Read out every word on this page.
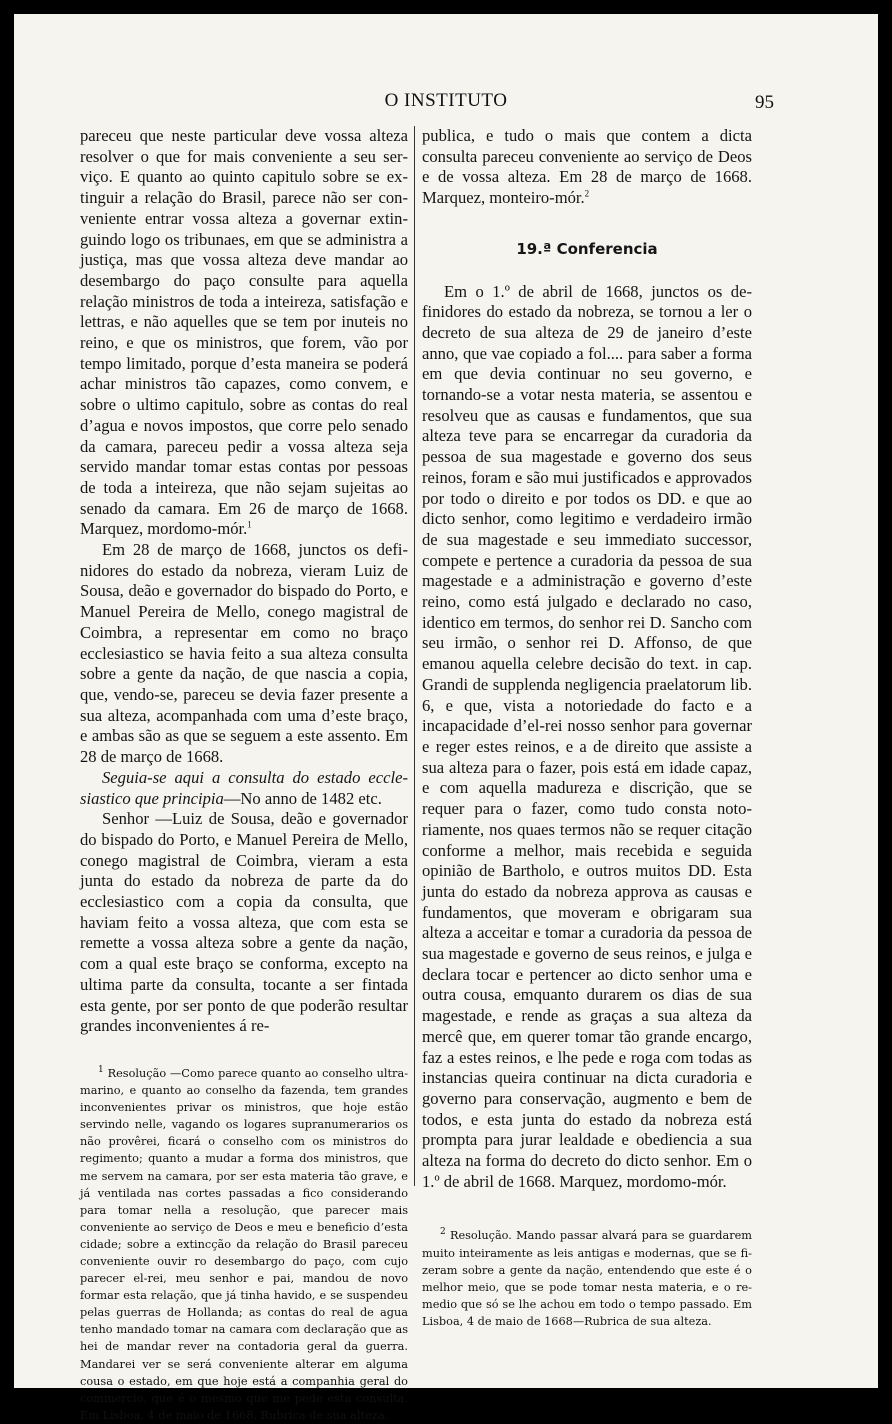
O INSTITUTO	95

pareceu que neste particular deve vossa alteza resolver o que for mais conveniente a seu serviço. E quanto ao quinto capitulo sobre se extinguir a relação do Brasil, parece não ser conveniente entrar vossa alteza a governar extinguindo logo os tribunaes, em que se administra a justiça, mas que vossa alteza deve mandar ao desembargo do paço consulte para aquella relação ministros de toda a inteireza, satisfação e lettras, e não aquelles que se tem por inuteis no reino, e que os ministros, que forem, vão por tempo limitado, porque d’esta maneira se poderá achar ministros tão capazes, como convem, e sobre o ultimo capitulo, sobre as contas do real d’agua e novos impostos, que corre pelo senado da camara, pareceu pedir a vossa alteza seja servido mandar tomar estas contas por pessoas de toda a inteireza, que não sejam sujeitas ao senado da camara. Em 26 de março de 1668. Marquez, mordomo-mór.$^1$

Em 28 de março de 1668, junctos os definidores do estado da nobreza, vieram Luiz de Sousa, deão e governador do bispado do Porto, e Manuel Pereira de Mello, conego magistral de Coimbra, a representar em como no braço ecclesiastico se havia feito a sua alteza consulta sobre a gente da nação, de que nascia a copia, que, vendo-se, pareceu se devia fazer presente a sua alteza, acompanhada com uma d’este braço, e ambas são as que se seguem a este assento. Em 28 de março de 1668.

Seguia-se aqui a consulta do estado ecclesiastico que principia—No anno de 1482 etc.

Senhor —Luiz de Sousa, deão e governador do bispado do Porto, e Manuel Pereira de Mello, conego magistral de Coimbra, vieram a esta junta do estado da nobreza de parte da do ecclesiastico com a copia da consulta, que haviam feito a vossa alteza, que com esta se remette a vossa alteza sobre a gente da nação, com a qual este braço se conforma, excepto na ultima parte da consulta, tocante a ser fintada esta gente, por ser ponto de que poderão resultar grandes inconvenientes á re-

$^1$ Resolução —Como parece quanto ao conselho ultramarino, e quanto ao conselho da fazenda, tem grandes inconvenientes privar os ministros, que hoje estão servindo nelle, vagando os logares supranumerarios os não provêrei, ficará o conselho com os ministros do regimento; quanto a mudar a forma dos ministros, que me servem na camara, por ser esta materia tão grave, e já ventilada nas cortes passadas a fico considerando para tomar nella a resolução, que parecer mais conveniente ao serviço de Deos e meu e beneficio d’esta cidade; sobre a extincção da relação do Brasil pareceu conveniente ouvir ro desembargo do paço, com cujo parecer el-rei, meu senhor e pai, mandou de novo formar esta relação, que já tinha havido, e se suspendeu pelas guerras de Hollanda; as contas do real de agua tenho mandado tomar na camara com declaração que as hei de mandar rever na contadoria geral da guerra. Mandarei ver se será conveniente alterar em alguma cousa o estado, em que hoje está a companhia geral do commercio, que é o mesmo que me pede esta consulta. Em Lisboa, 4 de maio de 1668. Rubrica de sua alteza.

publica, e tudo o mais que contem a dicta consulta pareceu conveniente ao serviço de Deos e de vossa alteza. Em 28 de março de 1668. Marquez, monteiro-mór.$^2$

19.ª Conferencia

Em o 1.º de abril de 1668, junctos os definidores do estado da nobreza, se tornou a ler o decreto de sua alteza de 29 de janeiro d’este anno, que vae copiado a fol.... para saber a forma em que devia continuar no seu governo, e tornando-se a votar nesta materia, se assentou e resolveu que as causas e fundamentos, que sua alteza teve para se encarregar da curadoria da pessoa de sua magestade e governo dos seus reinos, foram e são mui justificados e approvados por todo o direito e por todos os DD. e que ao dicto senhor, como legitimo e verdadeiro irmão de sua magestade e seu immediato successor, compete e pertence a curadoria da pessoa de sua magestade e a administração e governo d’este reino, como está julgado e declarado no caso, identico em termos, do senhor rei D. Sancho com seu irmão, o senhor rei D. Affonso, de que emanou aquella celebre decisão do text. in cap. Grandi de supplenda negligencia praelatorum lib. 6, e que, vista a notoriedade do facto e a incapacidade d’el-rei nosso senhor para governar e reger estes reinos, e a de direito que assiste a sua alteza para o fazer, pois está em idade capaz, e com aquella madureza e discrição, que se requer para o fazer, como tudo consta notoriamente, nos quaes termos não se requer citação conforme a melhor, mais recebida e seguida opinião de Bartholo, e outros muitos DD. Esta junta do estado da nobreza approva as causas e fundamentos, que moveram e obrigaram sua alteza a acceitar e tomar a curadoria da pessoa de sua magestade e governo de seus reinos, e julga e declara tocar e pertencer ao dicto senhor uma e outra cousa, emquanto durarem os dias de sua magestade, e rende as graças a sua alteza da mercê que, em querer tomar tão grande encargo, faz a estes reinos, e lhe pede e roga com todas as instancias queira continuar na dicta curadoria e governo para conservação, augmento e bem de todos, e esta junta do estado da nobreza está prompta para jurar lealdade e obediencia a sua alteza na forma do decreto do dicto senhor. Em o 1.º de abril de 1668. Marquez, mordomo-mór.

$^2$ Resolução. Mando passar alvará para se guardarem muito inteiramente as leis antigas e modernas, que se fizeram sobre a gente da nação, entendendo que este é o melhor meio, que se pode tomar nesta materia, e o remedio que só se lhe achou em todo o tempo passado. Em Lisboa, 4 de maio de 1668—Rubrica de sua alteza.
